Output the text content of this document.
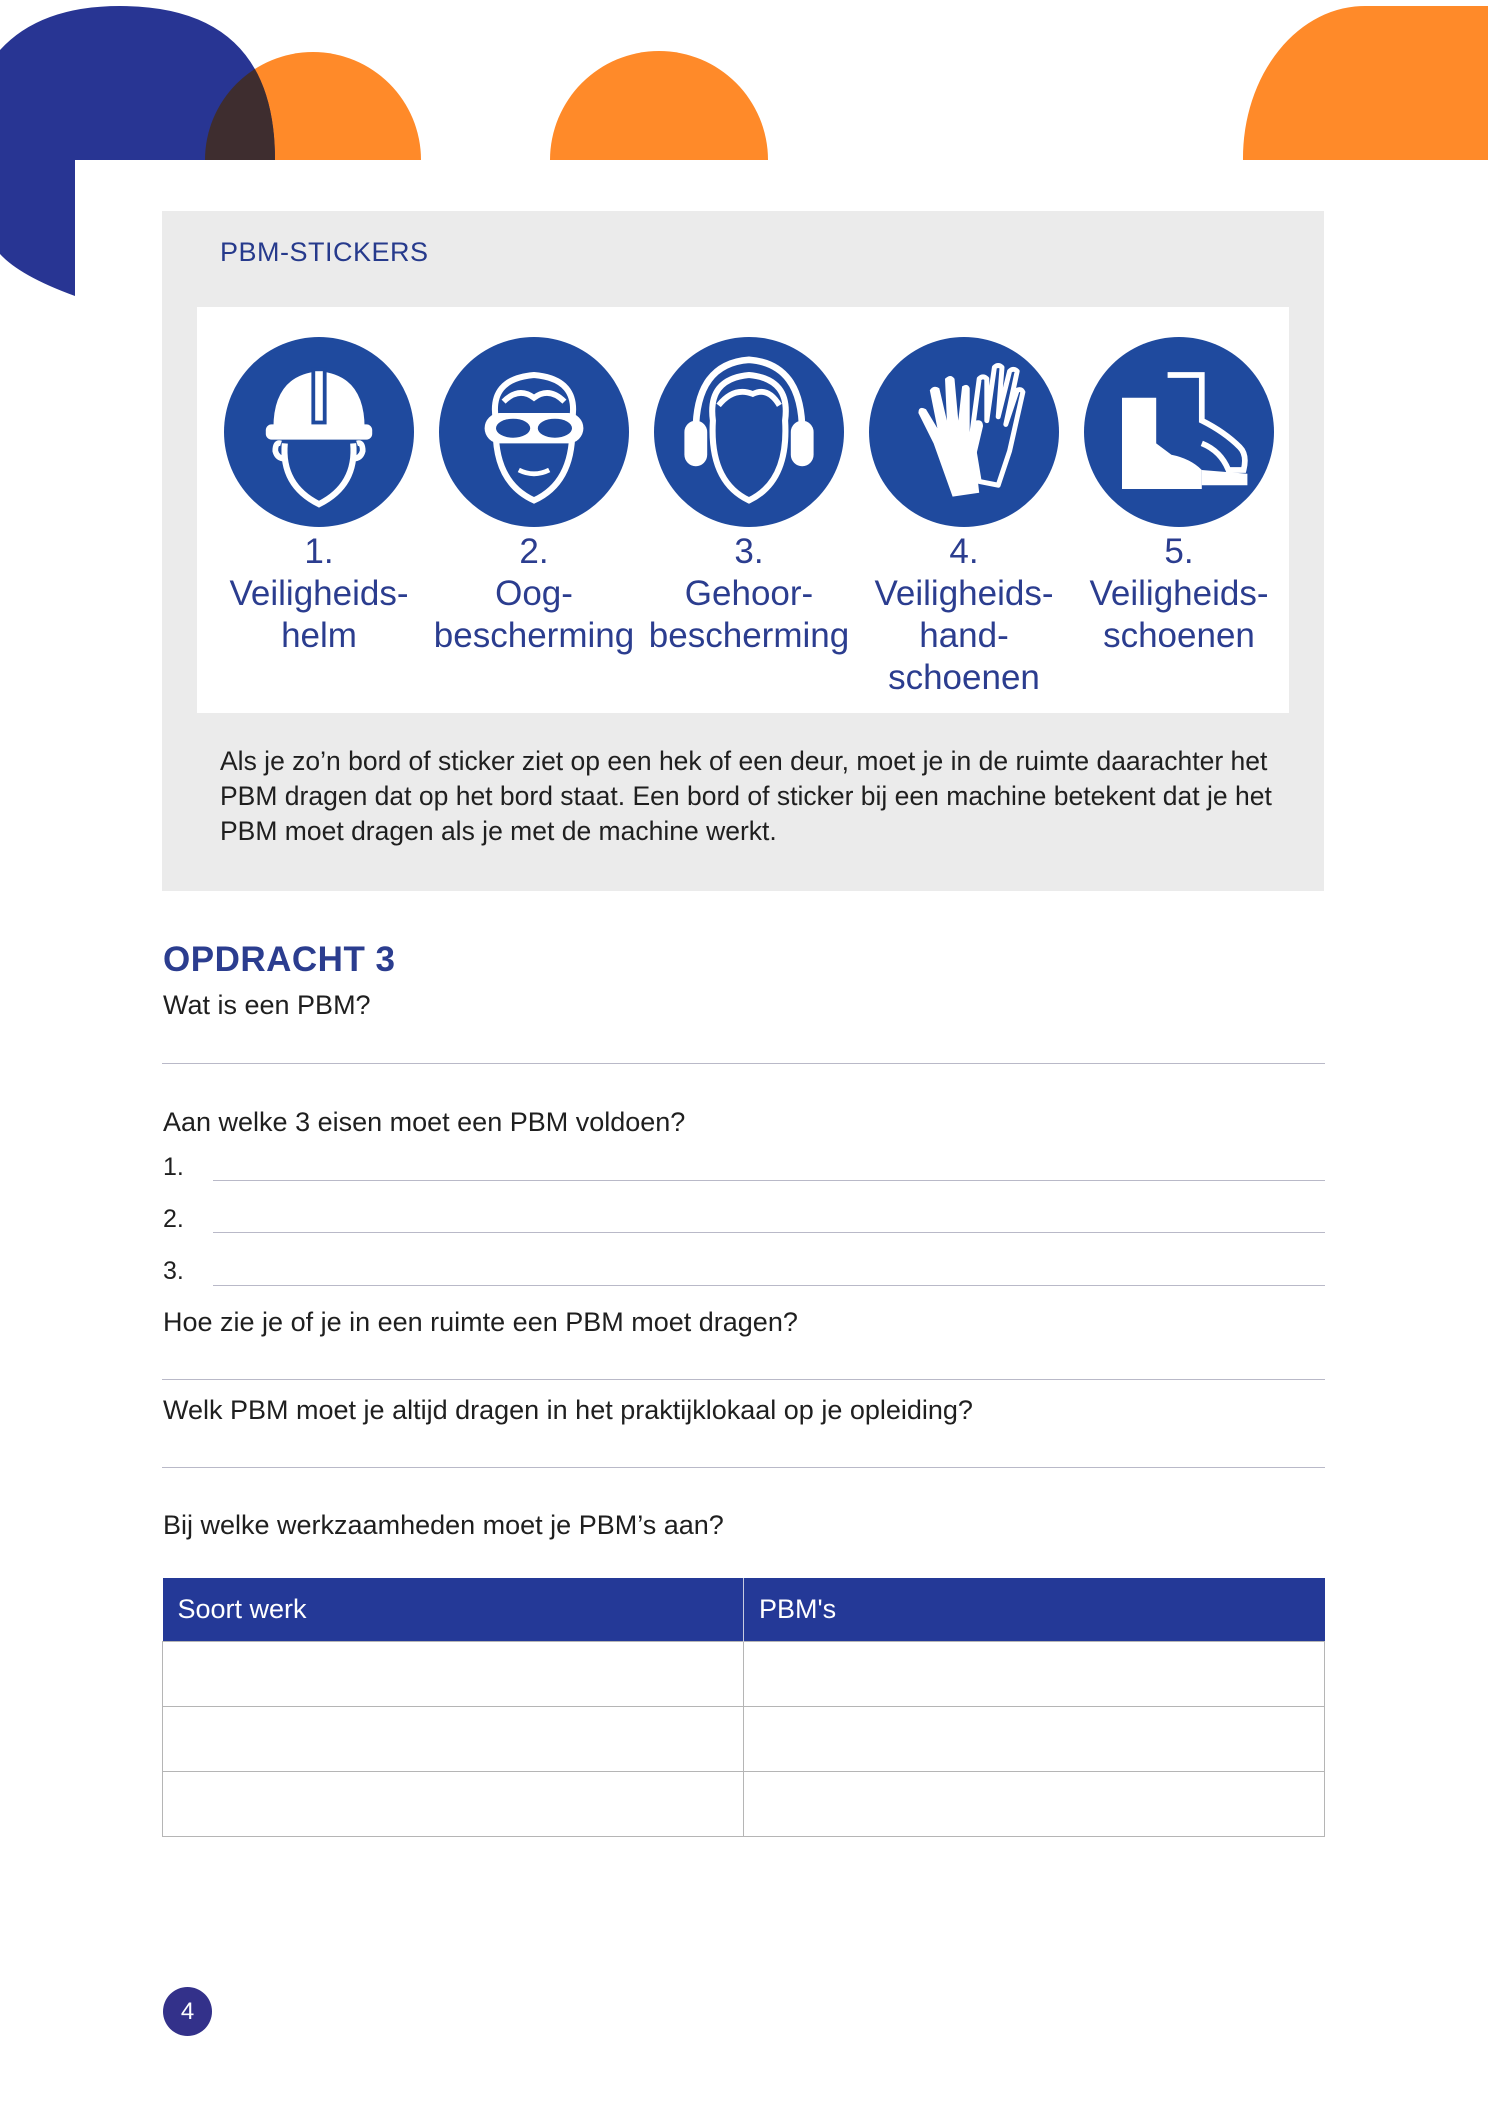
PBM-STICKERS
1.
Veiligheids-
helm
2.
Oog-
bescherming
3.
Gehoor-
bescherming
4.
Veiligheids-
hand-
schoenen
5.
Veiligheids-
schoenen
Als je zo’n bord of sticker ziet op een hek of een deur, moet je in de ruimte daarachter het PBM dragen dat op het bord staat. Een bord of sticker bij een machine betekent dat je het PBM moet dragen als je met de machine werkt.
OPDRACHT 3
Wat is een PBM?
Aan welke 3 eisen moet een PBM voldoen?
1.
2.
3.
Hoe zie je of je in een ruimte een PBM moet dragen?
Welk PBM moet je altijd dragen in het praktijklokaal op je opleiding?
Bij welke werkzaamheden moet je PBM’s aan?
Soort werk	PBM's

4
